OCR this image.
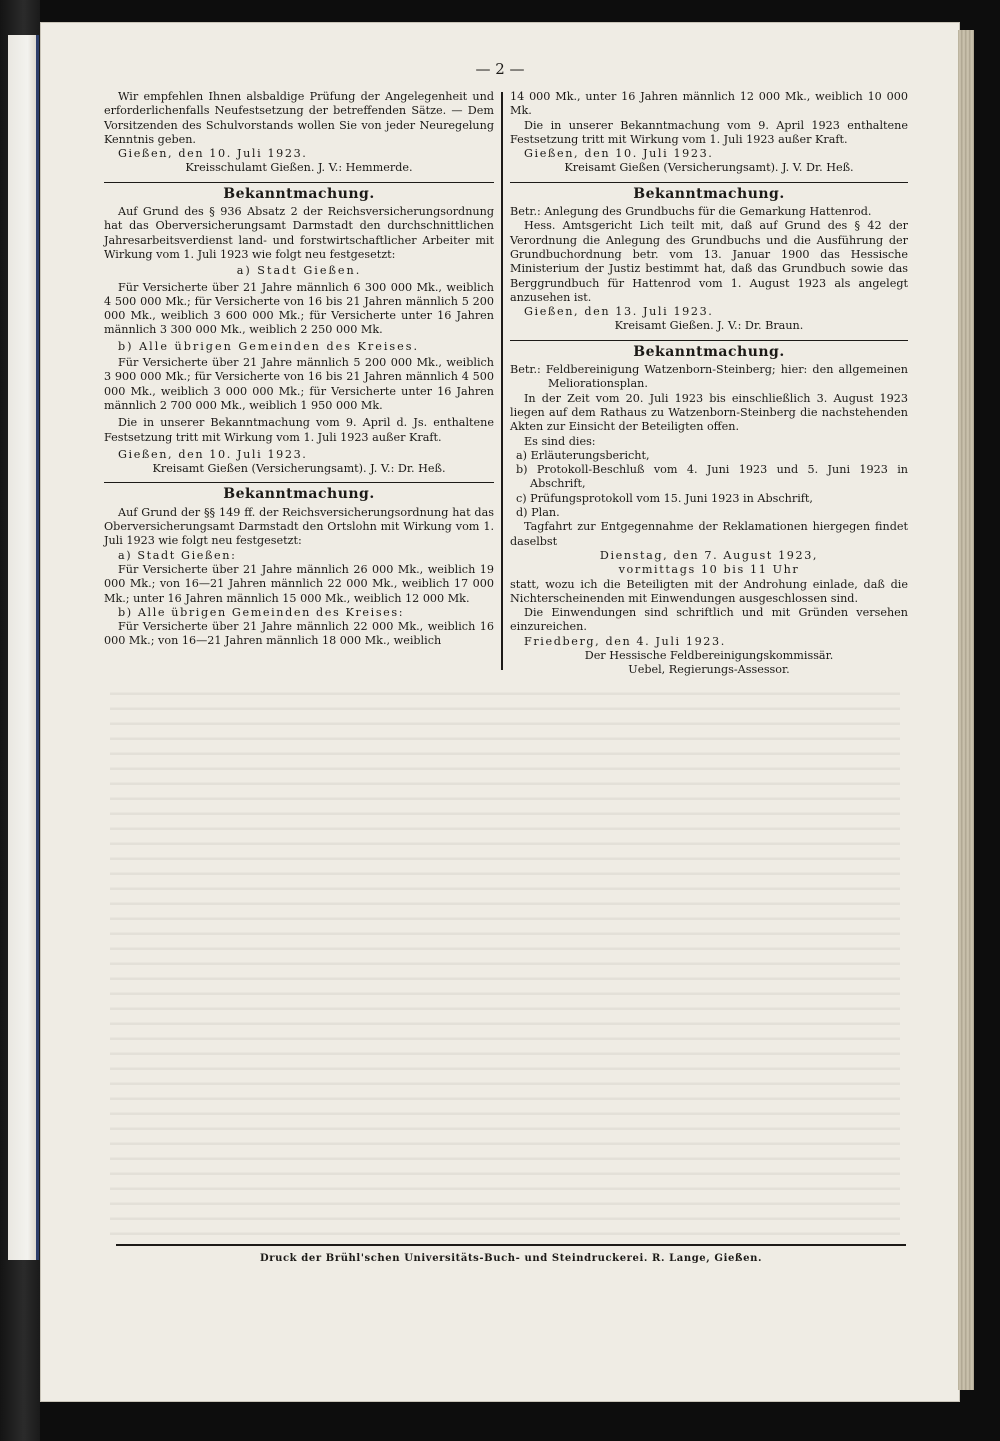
— 2 —

Wir empfehlen Ihnen alsbaldige Prüfung der Angelegenheit und erforderlichenfalls Neufestsetzung der betreffenden Sätze. — Dem Vorsitzenden des Schulvorstands wollen Sie von jeder Neuregelung Kenntnis geben.

Gießen, den 10. Juli 1923.

Kreisschulamt Gießen. J. V.: Hemmerde.

Bekanntmachung.

Auf Grund des § 936 Absatz 2 der Reichsversicherungsordnung hat das Oberversicherungsamt Darmstadt den durchschnittlichen Jahresarbeitsverdienst land- und forstwirtschaftlicher Arbeiter mit Wirkung vom 1. Juli 1923 wie folgt neu festgesetzt:

a) Stadt Gießen.

Für Versicherte über 21 Jahre männlich 6 300 000 Mk., weiblich 4 500 000 Mk.; für Versicherte von 16 bis 21 Jahren männlich 5 200 000 Mk., weiblich 3 600 000 Mk.; für Versicherte unter 16 Jahren männlich 3 300 000 Mk., weiblich 2 250 000 Mk.

b) Alle übrigen Gemeinden des Kreises.

Für Versicherte über 21 Jahre männlich 5 200 000 Mk., weiblich 3 900 000 Mk.; für Versicherte von 16 bis 21 Jahren männlich 4 500 000 Mk., weiblich 3 000 000 Mk.; für Versicherte unter 16 Jahren männlich 2 700 000 Mk., weiblich 1 950 000 Mk.

Die in unserer Bekanntmachung vom 9. April d. Js. enthaltene Festsetzung tritt mit Wirkung vom 1. Juli 1923 außer Kraft.

Gießen, den 10. Juli 1923.

Kreisamt Gießen (Versicherungsamt). J. V.: Dr. Heß.

Bekanntmachung.

Auf Grund der §§ 149 ff. der Reichsversicherungsordnung hat das Oberversicherungsamt Darmstadt den Ortslohn mit Wirkung vom 1. Juli 1923 wie folgt neu festgesetzt:

a) Stadt Gießen:

Für Versicherte über 21 Jahre männlich 26 000 Mk., weiblich 19 000 Mk.; von 16—21 Jahren männlich 22 000 Mk., weiblich 17 000 Mk.; unter 16 Jahren männlich 15 000 Mk., weiblich 12 000 Mk.

b) Alle übrigen Gemeinden des Kreises:

Für Versicherte über 21 Jahre männlich 22 000 Mk., weiblich 16 000 Mk.; von 16—21 Jahren männlich 18 000 Mk., weiblich

14 000 Mk., unter 16 Jahren männlich 12 000 Mk., weiblich 10 000 Mk.

Die in unserer Bekanntmachung vom 9. April 1923 enthaltene Festsetzung tritt mit Wirkung vom 1. Juli 1923 außer Kraft.

Gießen, den 10. Juli 1923.

Kreisamt Gießen (Versicherungsamt). J. V. Dr. Heß.

Bekanntmachung.

Betr.: Anlegung des Grundbuchs für die Gemarkung Hattenrod.

Hess. Amtsgericht Lich teilt mit, daß auf Grund des § 42 der Verordnung die Anlegung des Grundbuchs und die Ausführung der Grundbuchordnung betr. vom 13. Januar 1900 das Hessische Ministerium der Justiz bestimmt hat, daß das Grundbuch sowie das Berggrundbuch für Hattenrod vom 1. August 1923 als angelegt anzusehen ist.

Gießen, den 13. Juli 1923.

Kreisamt Gießen. J. V.: Dr. Braun.

Bekanntmachung.

Betr.: Feldbereinigung Watzenborn-Steinberg; hier: den allgemeinen Meliorationsplan.

In der Zeit vom 20. Juli 1923 bis einschließlich 3. August 1923 liegen auf dem Rathaus zu Watzenborn-Steinberg die nachstehenden Akten zur Einsicht der Beteiligten offen.

Es sind dies:

a) Erläuterungsbericht,

b) Protokoll-Beschluß vom 4. Juni 1923 und 5. Juni 1923 in Abschrift,

c) Prüfungsprotokoll vom 15. Juni 1923 in Abschrift,

d) Plan.

Tagfahrt zur Entgegennahme der Reklamationen hiergegen findet daselbst

Dienstag, den 7. August 1923,

vormittags 10 bis 11 Uhr

statt, wozu ich die Beteiligten mit der Androhung einlade, daß die Nichterscheinenden mit Einwendungen ausgeschlossen sind.

Die Einwendungen sind schriftlich und mit Gründen versehen einzureichen.

Friedberg, den 4. Juli 1923.

Der Hessische Feldbereinigungskommissär.

Uebel, Regierungs-Assessor.

Druck der Brühl'schen Universitäts-Buch- und Steindruckerei. R. Lange, Gießen.
